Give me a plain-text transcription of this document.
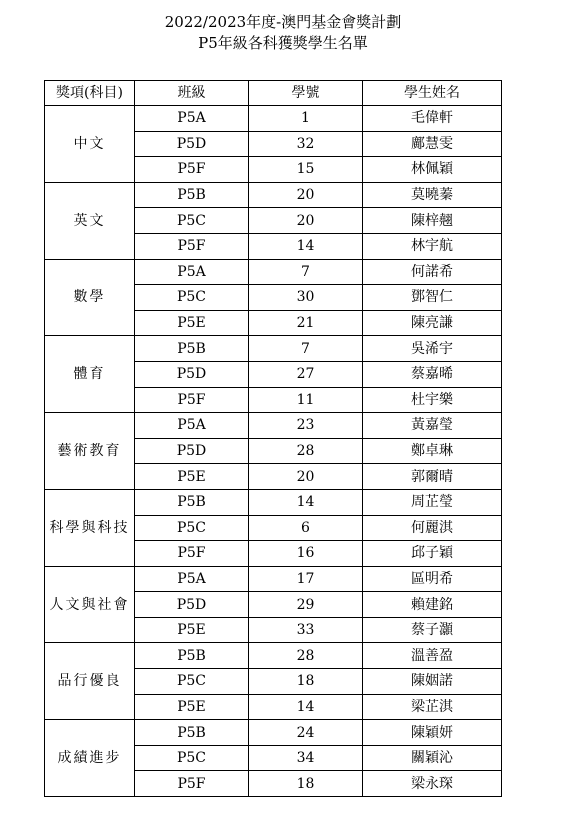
2022/2023年度-澳門基金會獎計劃
P5年級各科獲獎學生名單
獎項(科目)	班級	學號	學生姓名
中文	P5A	1	毛偉軒
	P5D	32	鄺慧雯
	P5F	15	林佩穎
英文	P5B	20	莫曉蓁
	P5C	20	陳梓翹
	P5F	14	林宇航
數學	P5A	7	何諾希
	P5C	30	鄧智仁
	P5E	21	陳亮謙
體育	P5B	7	吳浠宇
	P5D	27	蔡嘉晞
	P5F	11	杜宇樂
藝術教育	P5A	23	黃嘉瑩
	P5D	28	鄭卓琳
	P5E	20	郭爾晴
科學與科技	P5B	14	周芷瑩
	P5C	6	何麗淇
	P5F	16	邱子穎
人文與社會	P5A	17	區明希
	P5D	29	賴建銘
	P5E	33	蔡子灝
品行優良	P5B	28	溫善盈
	P5C	18	陳姻諾
	P5E	14	梁芷淇
成績進步	P5B	24	陳穎妍
	P5C	34	關穎沁
	P5F	18	梁永琛
